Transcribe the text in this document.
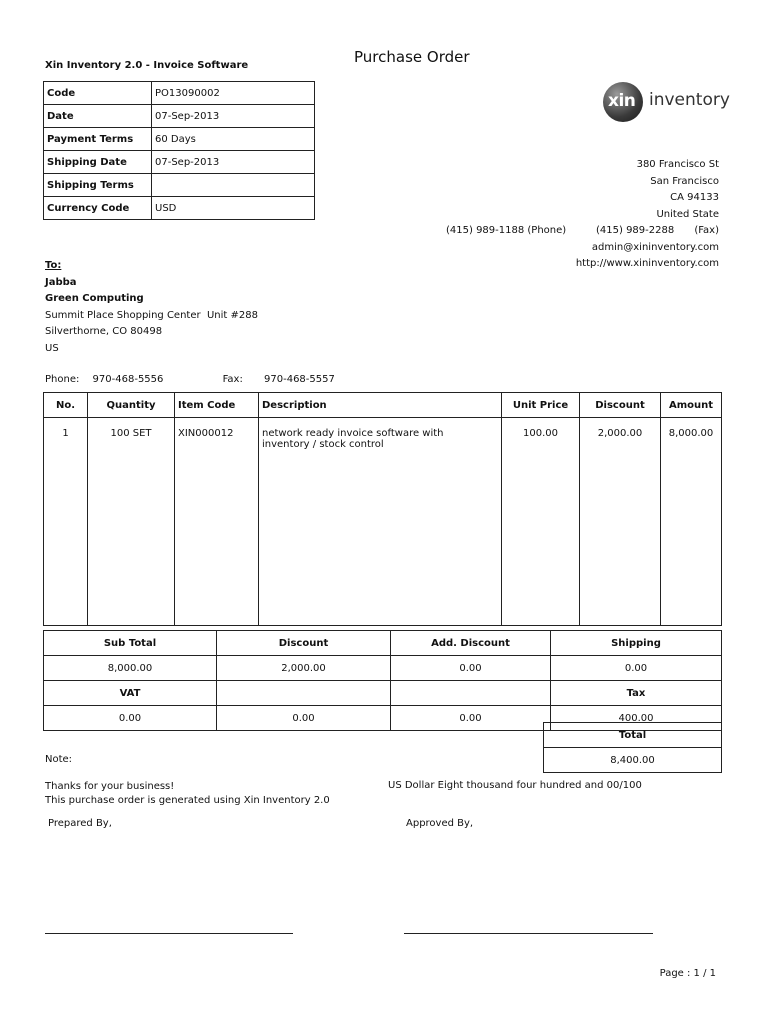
Purchase Order
Xin Inventory 2.0 - Invoice Software
Code	PO13090002
Date	07-Sep-2013
Payment Terms	60 Days
Shipping Date	07-Sep-2013
Shipping Terms	
Currency Code	USD
xin inventory
380 Francisco St
San Francisco
CA 94133
United State
admin@xininventory.com
http://www.xininventory.com
(415) 989-1188 (Phone)	(415) 989-2288 (Fax)
To:
Jabba
Green Computing
Summit Place Shopping Center  Unit #288
Silverthorne, CO 80498
US
Phone: 970-468-5556	Fax: 970-468-5557
No.	Quantity	Item Code	Description	Unit Price	Discount	Amount
1	100 SET	XIN000012	network ready invoice software with inventory / stock control	100.00	2,000.00	8,000.00
Sub Total	Discount	Add. Discount	Shipping
8,000.00	2,000.00	0.00	0.00
VAT			Tax
0.00	0.00	0.00	400.00
Total
8,400.00
Note:
Thanks for your business!
This purchase order is generated using Xin Inventory 2.0
US Dollar Eight thousand four hundred and 00/100
Prepared By,	Approved By,
Page : 1 / 1
